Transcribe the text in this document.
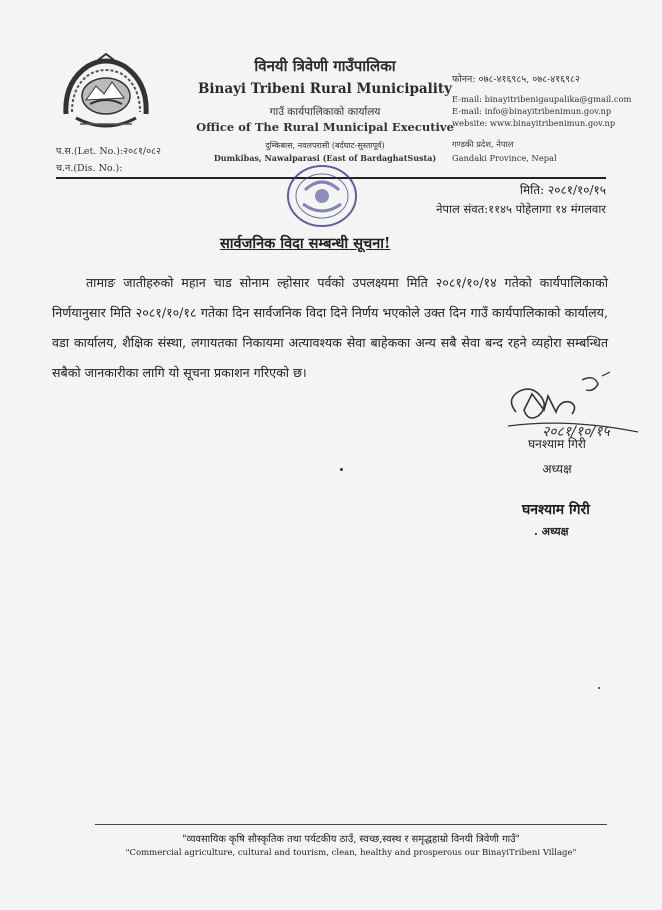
विनयी त्रिवेणी गाउँपालिका
Binayi Tribeni Rural Municipality
गाउँ कार्यपालिकाको कार्यालय
Office of The Rural Municipal Executive
दुम्किबास, नवलपरासी (बर्दघाट-सुस्तापूर्व)
Dumkibas, Nawalparasi (East of BardaghatSusta)
फोनन: ०७८-४१६९८५, ०७८-४१६९८२
E-mail: binayitribenigaupalika@gmail.com
E-mail: info@binayitribenimun.gov.np
website: www.binayitribenimun.gov.np
गण्डकी प्रदेश, नेपाल
Gandaki Province, Nepal
प.स.(Let. No.):२०८१/०८२
च.न.(Dis. No.):
मिति: २०८१/१०/१५
नेपाल संवत:११४५ पोहेलागा १४ मंगलवार
सार्वजनिक विदा सम्बन्धी सूचना!
तामाङ जातीहरुको महान चाड सोनाम ल्होसार पर्वको उपलक्ष्यमा मिति २०८१/१०/१४ गतेको कार्यपालिकाको निर्णयानुसार मिति २०८१/१०/१८ गतेका दिन सार्वजनिक विदा दिने निर्णय भएकोले उक्त दिन गाउँ कार्यपालिकाको कार्यालय, वडा कार्यालय, शैक्षिक संस्था, लगायतका निकायमा अत्यावश्यक सेवा बाहेकका अन्य सबै सेवा बन्द रहने व्यहोरा सम्बन्धित सबैको जानकारीका लागि यो सूचना प्रकाशन गरिएको छ।
२०८१/१०/१५
घनश्याम गिरी
अध्यक्ष
घनश्याम गिरी
. अध्यक्ष
"व्यवसायिक कृषि सौस्कृतिक तथा पर्यटकीय ठाउँ, स्वच्छ,स्वस्थ र समृद्धहाम्रो विनयी त्रिवेणी गाउँ"
"Commercial agriculture, cultural and tourism, clean, healthy and prosperous our BinayiTribeni Village"
